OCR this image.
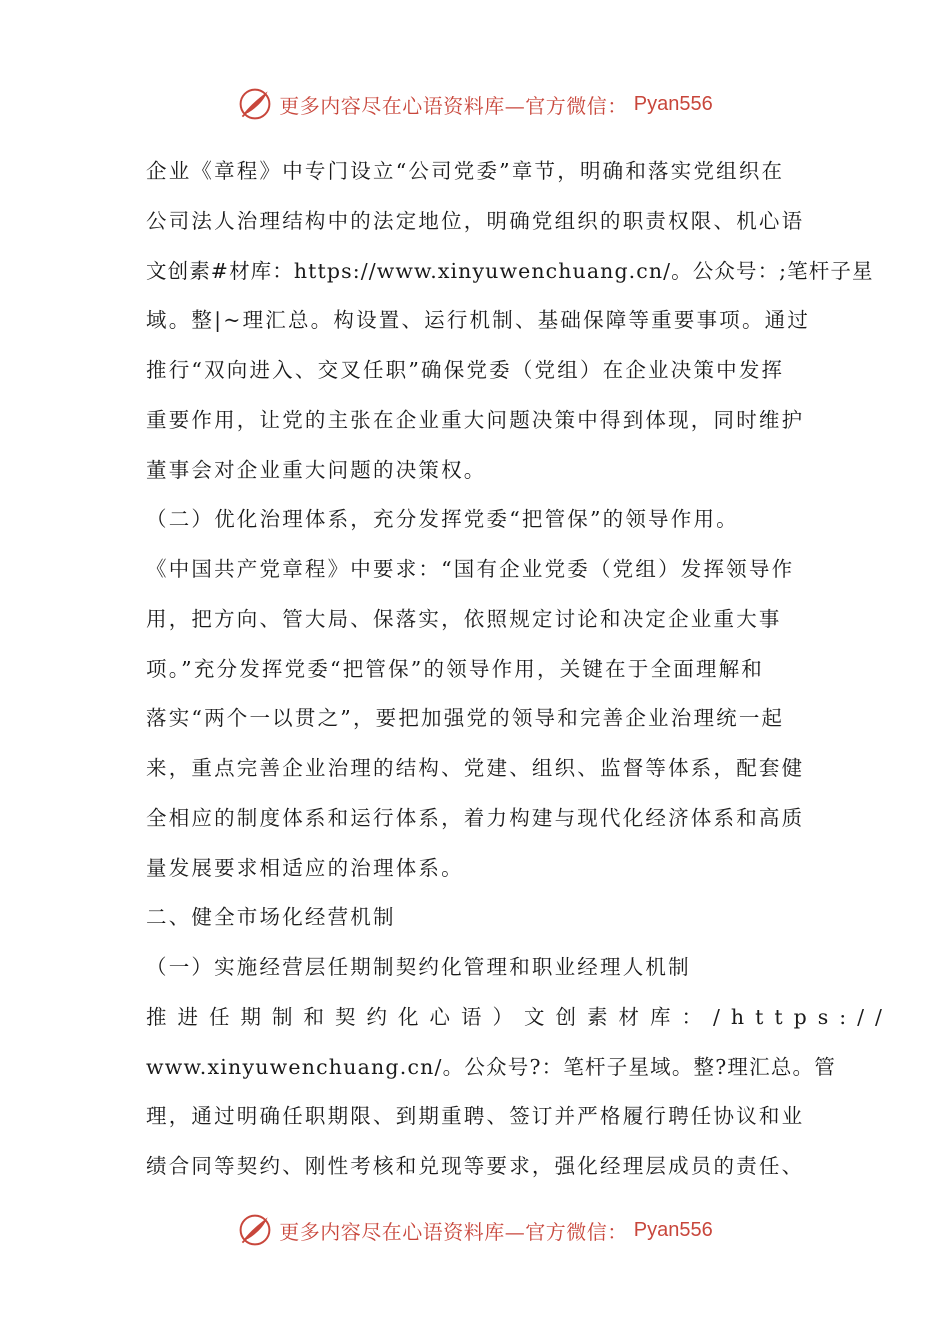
更多内容尽在心语资料库—官方微信： Pyan556
企业《章程》中专门设立“公司党委”章节，明确和落实党组织在
公司法人治理结构中的法定地位，明确党组织的职责权限、机心语
文创素#材库：https://www.xinyuwenchuang.cn/。公众号：;笔杆子星
域。整|~理汇总。构设置、运行机制、基础保障等重要事项。通过
推行“双向进入、交叉任职”确保党委（党组）在企业决策中发挥
重要作用，让党的主张在企业重大问题决策中得到体现，同时维护
董事会对企业重大问题的决策权。
（二）优化治理体系，充分发挥党委“把管保”的领导作用。
《中国共产党章程》中要求：“国有企业党委（党组）发挥领导作
用，把方向、管大局、保落实，依照规定讨论和决定企业重大事
项。”充分发挥党委“把管保”的领导作用，关键在于全面理解和
落实“两个一以贯之”，要把加强党的领导和完善企业治理统一起
来，重点完善企业治理的结构、党建、组织、监督等体系，配套健
全相应的制度体系和运行体系，着力构建与现代化经济体系和高质
量发展要求相适应的治理体系。
二、健全市场化经营机制
（一）实施经营层任期制契约化管理和职业经理人机制
推进任期制和契约化心语）文创素材库：/https://
www.xinyuwenchuang.cn/。公众号?：笔杆子星域。整?理汇总。管
理，通过明确任职期限、到期重聘、签订并严格履行聘任协议和业
绩合同等契约、刚性考核和兑现等要求，强化经理层成员的责任、
更多内容尽在心语资料库—官方微信： Pyan556
